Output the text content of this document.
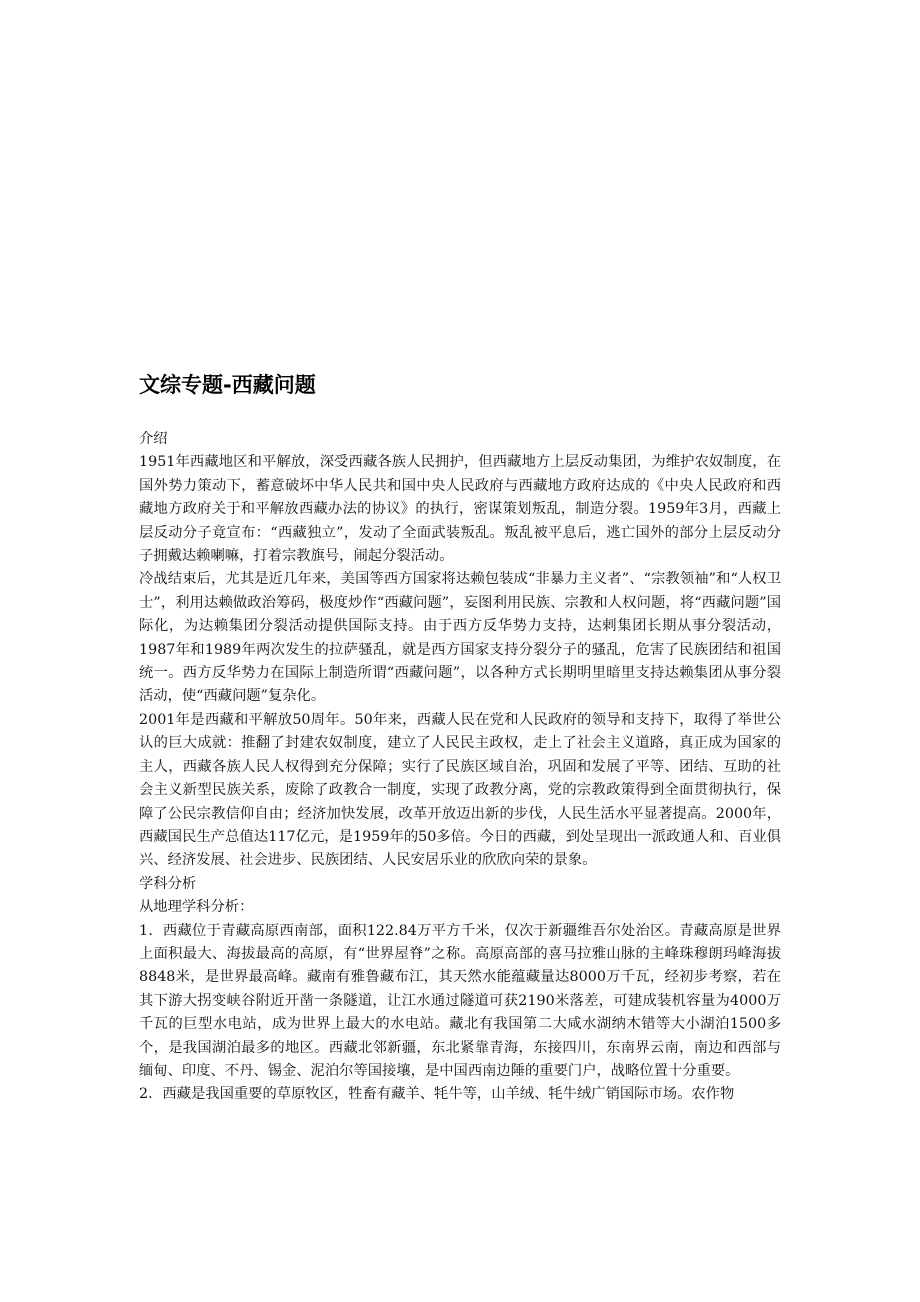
文综专题-西藏问题

介绍

1951年西藏地区和平解放，深受西藏各族人民拥护，但西藏地方上层反动集团，为维护农奴制度，在国外势力策动下，蓄意破坏中华人民共和国中央人民政府与西藏地方政府达成的《中央人民政府和西藏地方政府关于和平解放西藏办法的协议》的执行，密谋策划叛乱，制造分裂。1959年3月，西藏上层反动分子竟宣布：“西藏独立”，发动了全面武装叛乱。叛乱被平息后，逃亡国外的部分上层反动分子拥戴达赖喇嘛，打着宗教旗号，闹起分裂活动。

冷战结束后，尤其是近几年来，美国等西方国家将达赖包装成“非暴力主义者”、“宗教领袖”和“人权卫士”，利用达赖做政治筹码，极度炒作“西藏问题”，妄图利用民族、宗教和人权问题，将“西藏问题”国际化，为达赖集团分裂活动提供国际支持。由于西方反华势力支持，达剌集团长期从事分裂活动，1987年和1989年两次发生的拉萨骚乱，就是西方国家支持分裂分子的骚乱，危害了民族团结和祖国统一。西方反华势力在国际上制造所谓“西藏问题”，以各种方式长期明里暗里支持达赖集团从事分裂活动，使“西藏问题”复杂化。

2001年是西藏和平解放50周年。50年来，西藏人民在党和人民政府的领导和支持下，取得了举世公认的巨大成就：推翻了封建农奴制度，建立了人民民主政权，走上了社会主义道路，真正成为国家的主人，西藏各族人民人权得到充分保障；实行了民族区域自治，巩固和发展了平等、团结、互助的社会主义新型民族关系，废除了政教合一制度，实现了政教分离，党的宗教政策得到全面贯彻执行，保障了公民宗教信仰自由；经济加快发展，改革开放迈出新的步伐，人民生活水平显著提高。2000年，西藏国民生产总值达117亿元，是1959年的50多倍。今日的西藏，到处呈现出一派政通人和、百业俱兴、经济发展、社会进步、民族团结、人民安居乐业的欣欣向荣的景象。

学科分析

从地理学科分析：

1．西藏位于青藏高原西南部，面积122.84万平方千米，仅次于新疆维吾尔处治区。青藏高原是世界上面积最大、海拔最高的高原，有“世界屋脊”之称。高原高部的喜马拉雅山脉的主峰珠穆朗玛峰海拔8848米，是世界最高峰。藏南有雅鲁藏布江，其天然水能蕴藏量达8000万千瓦，经初步考察，若在其下游大拐变峡谷附近开凿一条隧道，让江水通过隧道可获2190米落差，可建成装机容量为4000万千瓦的巨型水电站，成为世界上最大的水电站。藏北有我国第二大咸水湖纳木错等大小湖泊1500多个，是我国湖泊最多的地区。西藏北邻新疆，东北紧靠青海，东接四川，东南界云南，南边和西部与缅甸、印度、不丹、锡金、泥泊尔等国接壤，是中国西南边陲的重要门户，战略位置十分重要。

2．西藏是我国重要的草原牧区，牲畜有藏羊、牦牛等，山羊绒、牦牛绒广销国际市场。农作物
